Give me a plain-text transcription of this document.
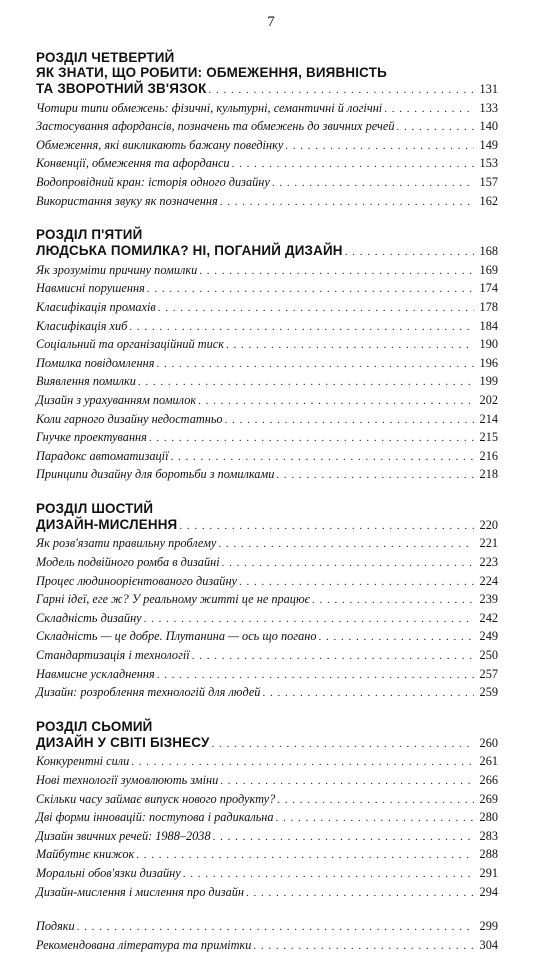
7
РОЗДІЛ ЧЕТВЕРТИЙ
ЯК ЗНАТИ, ЩО РОБИТИ: ОБМЕЖЕННЯ, ВИЯВНІСТЬ
ТА ЗВОРОТНИЙ ЗВ'ЯЗОК . . .	131
Чотири типи обмежень: фізичні, культурні, семантичні й логічні . . .	133
Застосування афордансів, позначень та обмежень до звичних речей . . .	140
Обмеження, які викликають бажану поведінку . . .	149
Конвенції, обмеження та афорданси . . .	153
Водопровідний кран: історія одного дизайну . . .	157
Використання звуку як позначення . . .	162
РОЗДІЛ П'ЯТИЙ
ЛЮДСЬКА ПОМИЛКА? НІ, ПОГАНИЙ ДИЗАЙН . . .	168
Як зрозуміти причину помилки . . .	169
Навмисні порушення . . .	174
Класифікація промахів . . .	178
Класифікація хиб . . .	184
Соціальний та організаційний тиск . . .	190
Помилка повідомлення . . .	196
Виявлення помилки . . .	199
Дизайн з урахуванням помилок . . .	202
Коли гарного дизайну недостатньо . . .	214
Гнучке проектування . . .	215
Парадокс автоматизації . . .	216
Принципи дизайну для боротьби з помилками . . .	218
РОЗДІЛ ШОСТИЙ
ДИЗАЙН-МИСЛЕННЯ . . .	220
Як розв'язати правильну проблему . . .	221
Модель подвійного ромба в дизайні . . .	223
Процес людиноорієнтованого дизайну . . .	224
Гарні ідеї, еге ж? У реальному житті це не працює . . .	239
Складність дизайну . . .	242
Складність — це добре. Плутанина — ось що погано . . .	249
Стандартизація і технології . . .	250
Навмисне ускладнення . . .	257
Дизайн: розроблення технологій для людей . . .	259
РОЗДІЛ СЬОМИЙ
ДИЗАЙН У СВІТІ БІЗНЕСУ . . .	260
Конкурентні сили . . .	261
Нові технології зумовлюють зміни . . .	266
Скільки часу займає випуск нового продукту? . . .	269
Дві форми інновацій: поступова і радикальна . . .	280
Дизайн звичних речей: 1988–2038 . . .	283
Майбутнє книжок . . .	288
Моральні обов'язки дизайну . . .	291
Дизайн-мислення і мислення про дизайн . . .	294
Подяки . . .	299
Рекомендована література та примітки . . .	304
